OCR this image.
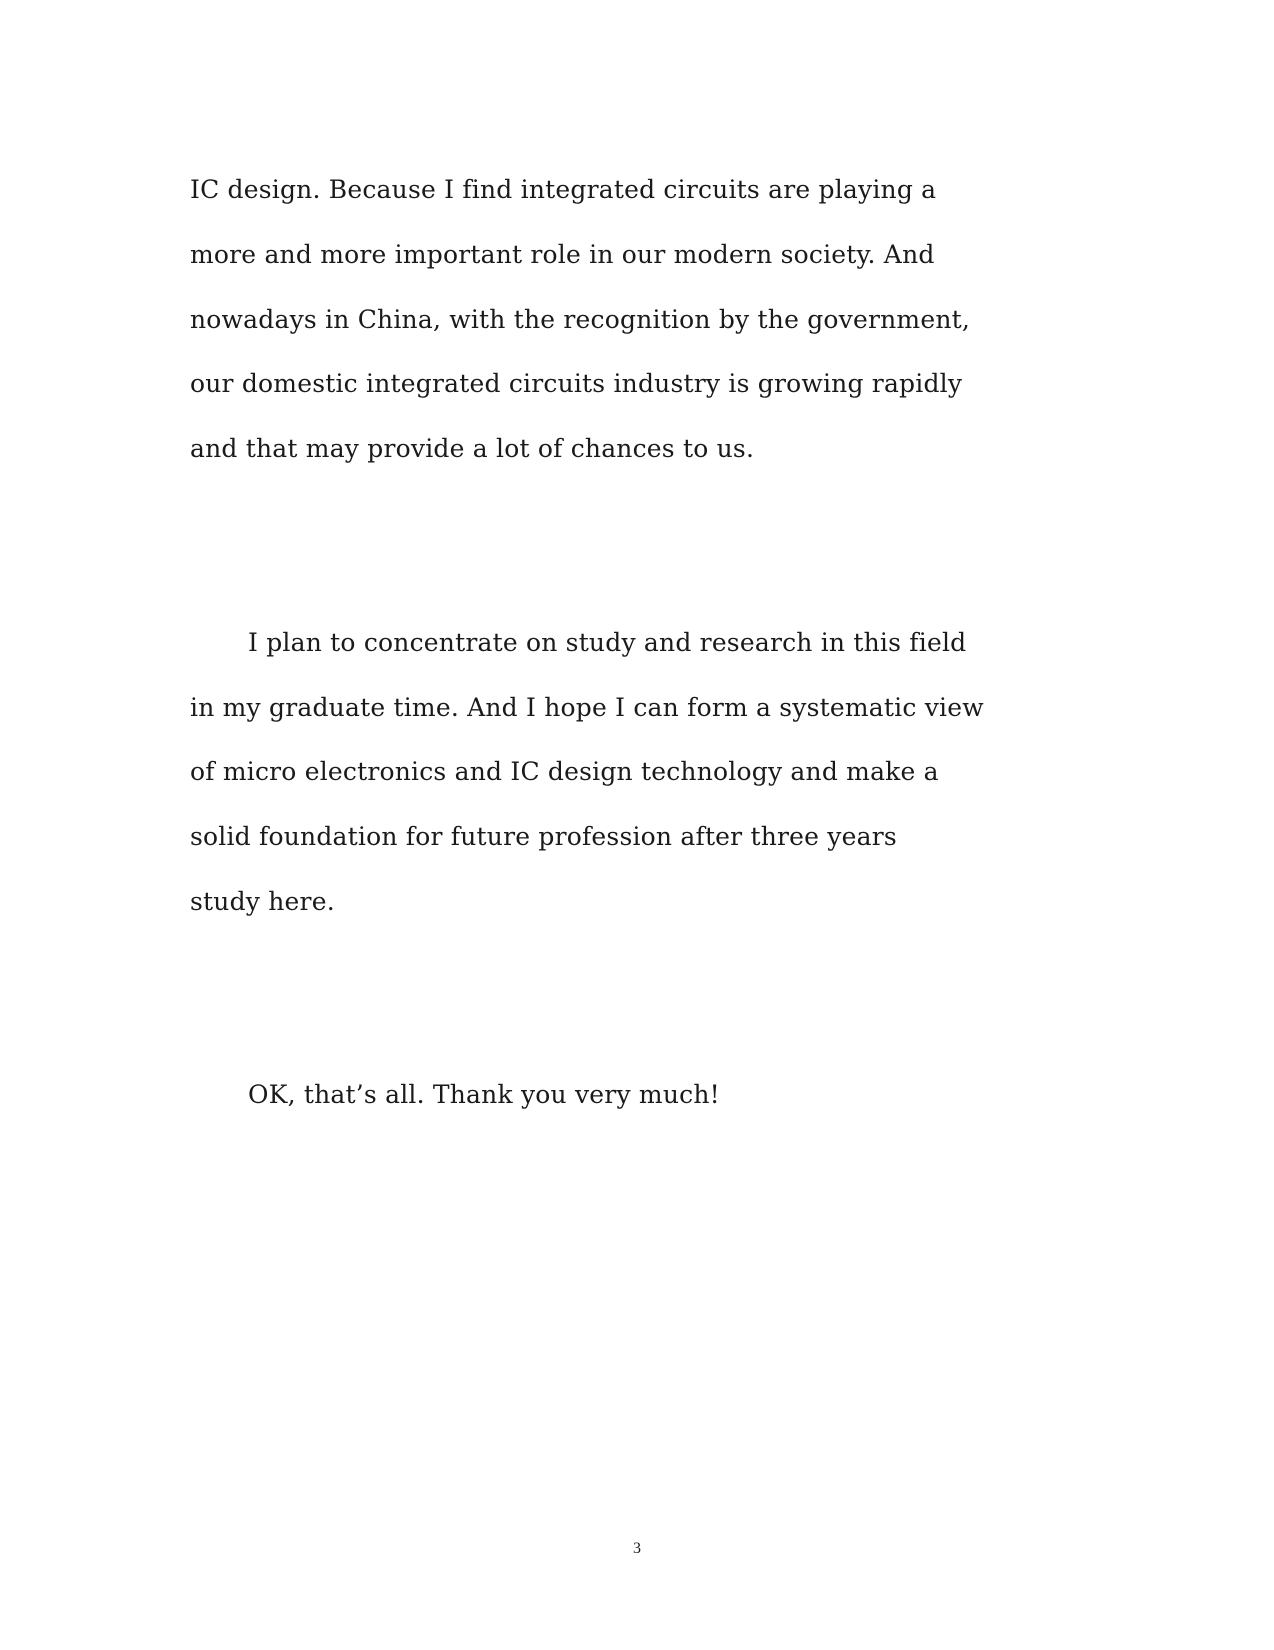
IC design. Because I find integrated circuits are playing a

more and more important role in our modern society. And

nowadays in China, with the recognition by the government,

our domestic integrated circuits industry is growing rapidly

and that may provide a lot of chances to us.

I plan to concentrate on study and research in this field

in my graduate time. And I hope I can form a systematic view

of micro electronics and IC design technology and make a

solid foundation for future profession after three years

study here.

OK, that’s all. Thank you very much!

3
